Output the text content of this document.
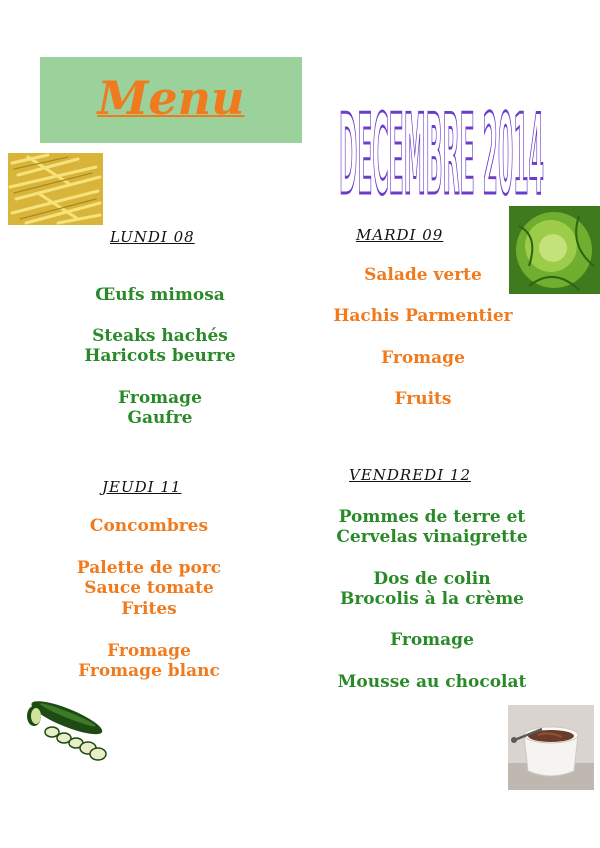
Menu	DECEMBRE 2014
LUNDI 08
Œufs mimosa
Steaks hachés
Haricots beurre
Fromage
Gaufre
MARDI 09
Salade verte
Hachis Parmentier
Fromage
Fruits
JEUDI 11
Concombres
Palette de porc
Sauce tomate
Frites
Fromage
Fromage blanc
VENDREDI 12
Pommes de terre et
Cervelas vinaigrette
Dos de colin
Brocolis à la crème
Fromage
Mousse au chocolat
